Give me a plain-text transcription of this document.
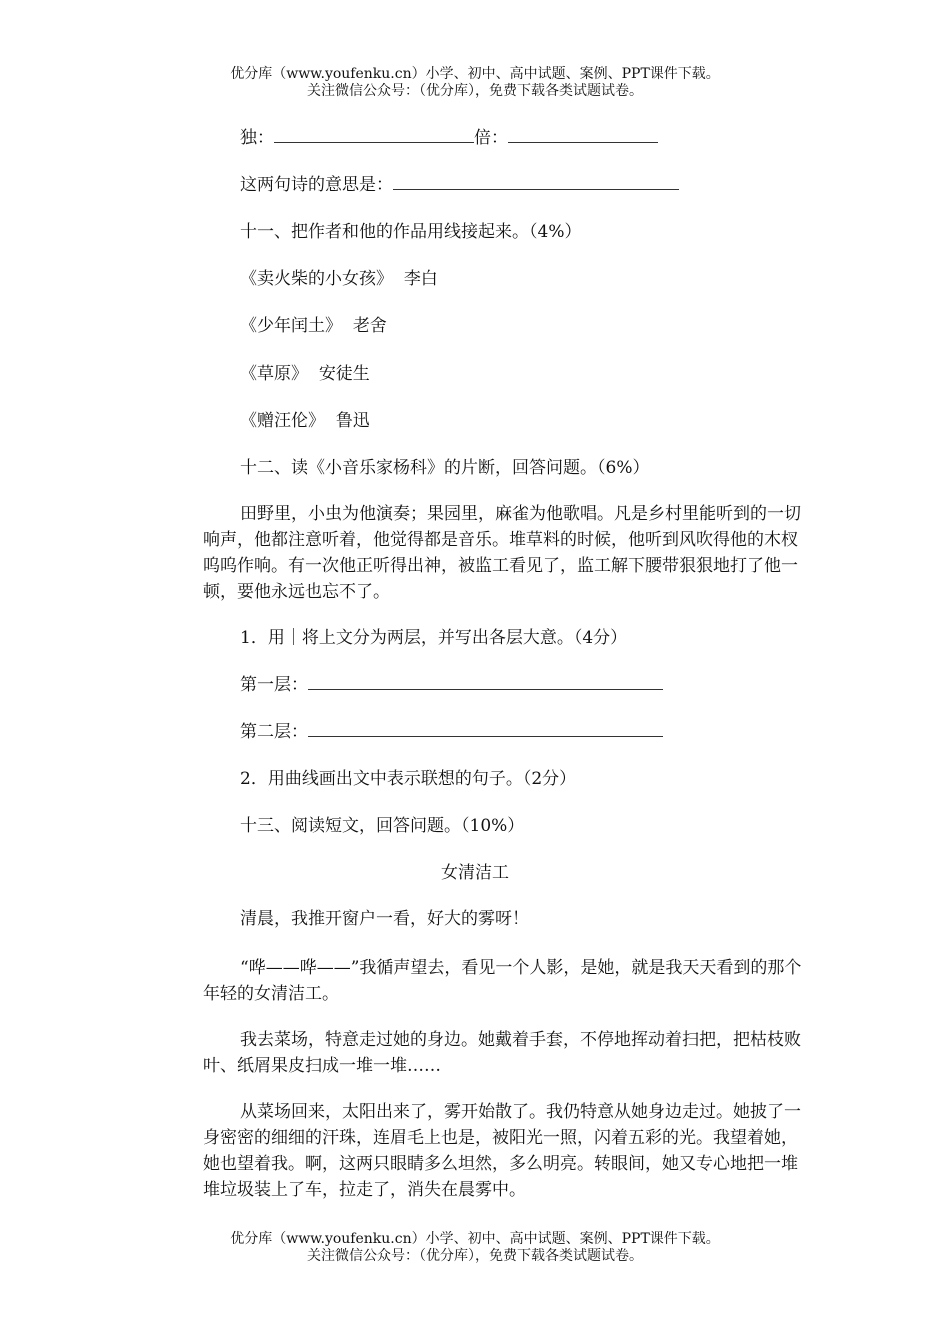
优分库（www.youfenku.cn）小学、初中、高中试题、案例、PPT课件下载。
关注微信公众号：（优分库），免费下载各类试题试卷。
独：	倍：
这两句诗的意思是：
十一、把作者和他的作品用线接起来。（4%）
《卖火柴的小女孩》 李白
《少年闰土》 老舍
《草原》 安徒生
《赠汪伦》 鲁迅
十二、读《小音乐家杨科》的片断，回答问题。（6%）
田野里，小虫为他演奏；果园里，麻雀为他歌唱。凡是乡村里能听到的一切响声，他都注意听着，他觉得都是音乐。堆草料的时候，他听到风吹得他的木杈呜呜作响。有一次他正听得出神，被监工看见了，监工解下腰带狠狠地打了他一顿，要他永远也忘不了。
1．用｜将上文分为两层，并写出各层大意。（4分）
第一层：
第二层：
2．用曲线画出文中表示联想的句子。（2分）
十三、阅读短文，回答问题。（10%）
女清洁工
清晨，我推开窗户一看，好大的雾呀！
“哗——哗——”我循声望去，看见一个人影，是她，就是我天天看到的那个年轻的女清洁工。
我去菜场，特意走过她的身边。她戴着手套，不停地挥动着扫把，把枯枝败叶、纸屑果皮扫成一堆一堆……
从菜场回来，太阳出来了，雾开始散了。我仍特意从她身边走过。她披了一身密密的细细的汗珠，连眉毛上也是，被阳光一照，闪着五彩的光。我望着她，她也望着我。啊，这两只眼睛多么坦然，多么明亮。转眼间，她又专心地把一堆堆垃圾装上了车，拉走了，消失在晨雾中。
优分库（www.youfenku.cn）小学、初中、高中试题、案例、PPT课件下载。
关注微信公众号：（优分库），免费下载各类试题试卷。
